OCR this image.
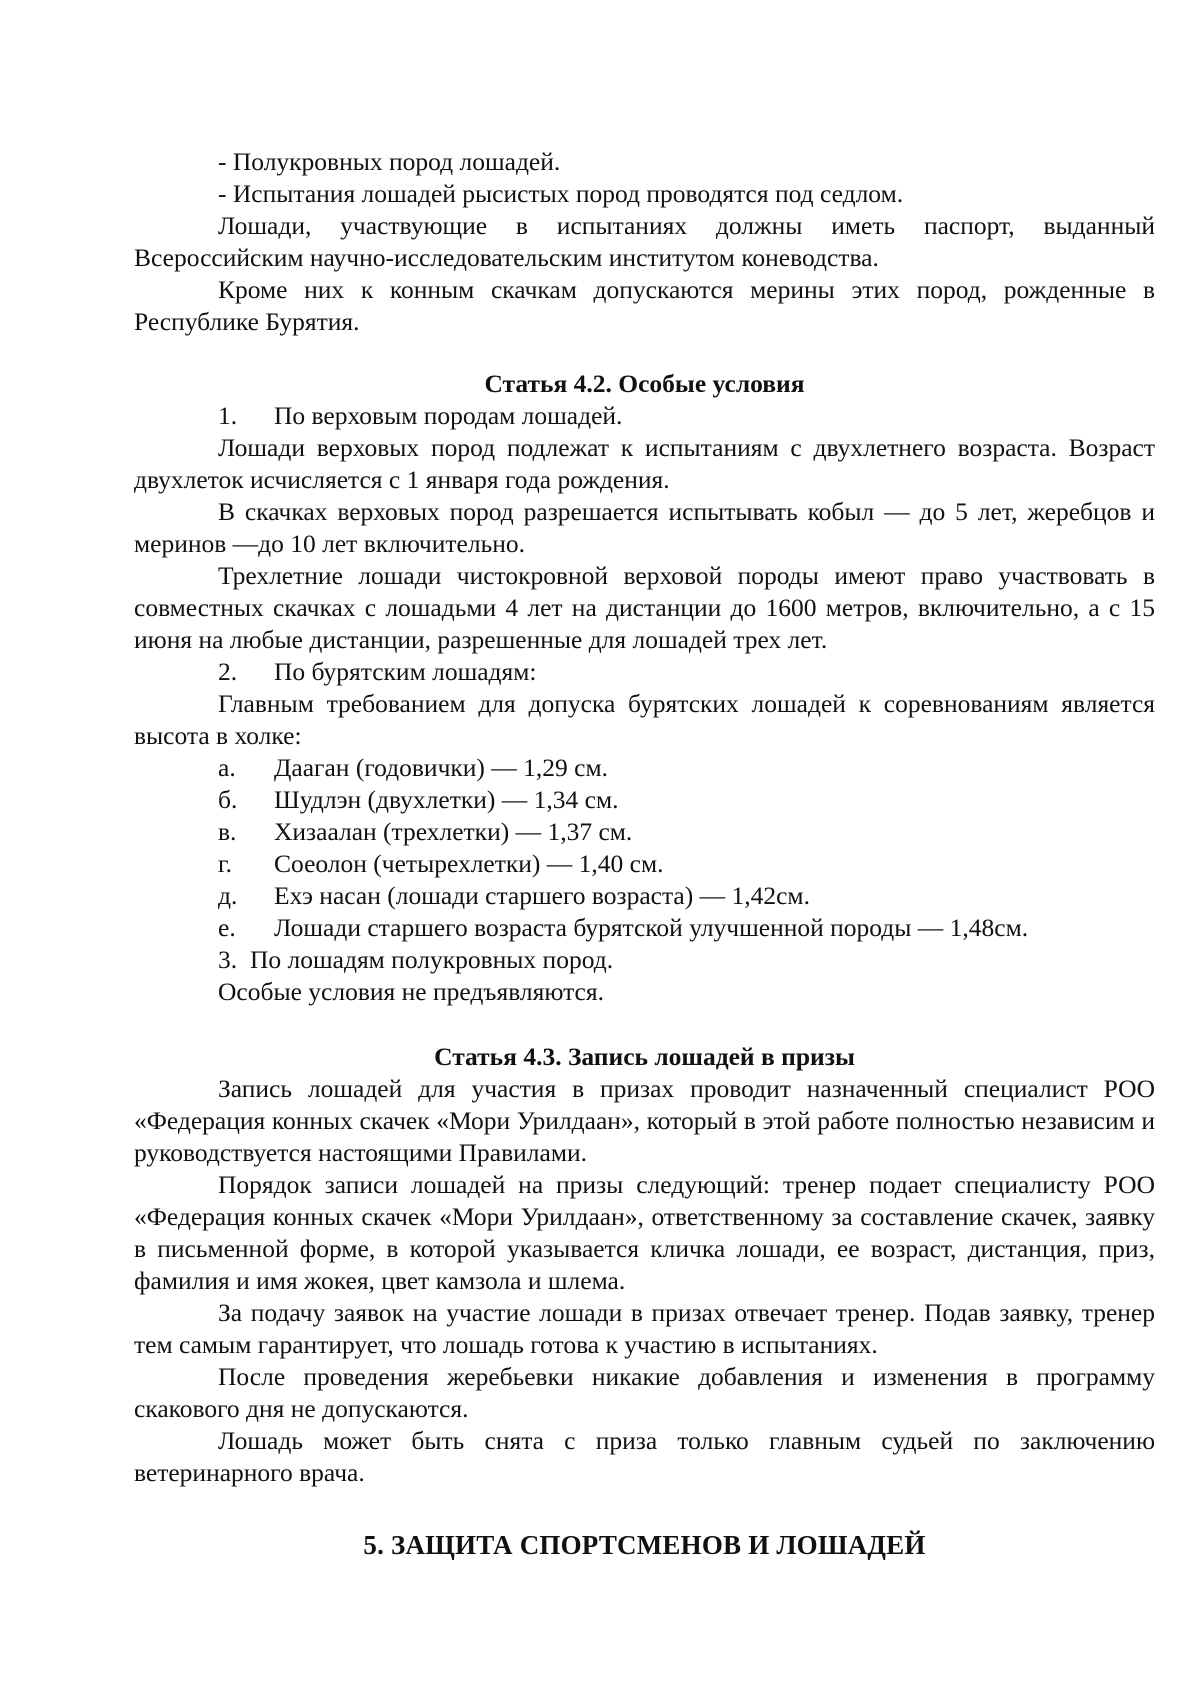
- Полукровных пород лошадей.

- Испытания лошадей рысистых пород проводятся под седлом.

Лошади, участвующие в испытаниях должны иметь паспорт, выданный Всероссийским научно-исследовательским институтом коневодства.

Кроме них к конным скачкам допускаются мерины этих пород, рожденные в Республике Бурятия.

Статья 4.2. Особые условия

1.	По верховым породам лошадей.

Лошади верховых пород подлежат к испытаниям с двухлетнего возраста. Возраст двухлеток исчисляется с 1 января года рождения.

В скачках верховых пород разрешается испытывать кобыл — до 5 лет, жеребцов и меринов —до 10 лет включительно.

Трехлетние лошади чистокровной верховой породы имеют право участвовать в совместных скачках с лошадьми 4 лет на дистанции до 1600 метров, включительно, а с 15 июня на любые дистанции, разрешенные для лошадей трех лет.

2.	По бурятским лошадям:

Главным требованием для допуска бурятских лошадей к соревнованиям является высота в холке:

а.	Дааган (годовички) — 1,29 см.
б.	Шудлэн (двухлетки) — 1,34 см.
в.	Хизаалан (трехлетки) — 1,37 см.
г.	Соеолон (четырехлетки) — 1,40 см.
д.	Ехэ насан (лошади старшего возраста) — 1,42см.
е.	Лошади старшего возраста бурятской улучшенной породы — 1,48см.
3. По лошадям полукровных пород.

Особые условия не предъявляются.

Статья 4.3. Запись лошадей в призы

Запись лошадей для участия в призах проводит назначенный специалист РОО «Федерация конных скачек «Мори Урилдаан», который в этой работе полностью независим и руководствуется настоящими Правилами.

Порядок записи лошадей на призы следующий: тренер подает специалисту РОО «Федерация конных скачек «Мори Урилдаан», ответственному за составление скачек, заявку в письменной форме, в которой указывается кличка лошади, ее возраст, дистанция, приз, фамилия и имя жокея, цвет камзола и шлема.

За подачу заявок на участие лошади в призах отвечает тренер. Подав заявку, тренер тем самым гарантирует, что лошадь готова к участию в испытаниях.

После проведения жеребьевки никакие добавления и изменения в программу скакового дня не допускаются.

Лошадь может быть снята с приза только главным судьей по заключению ветеринарного врача.

5. ЗАЩИТА СПОРТСМЕНОВ И ЛОШАДЕЙ
